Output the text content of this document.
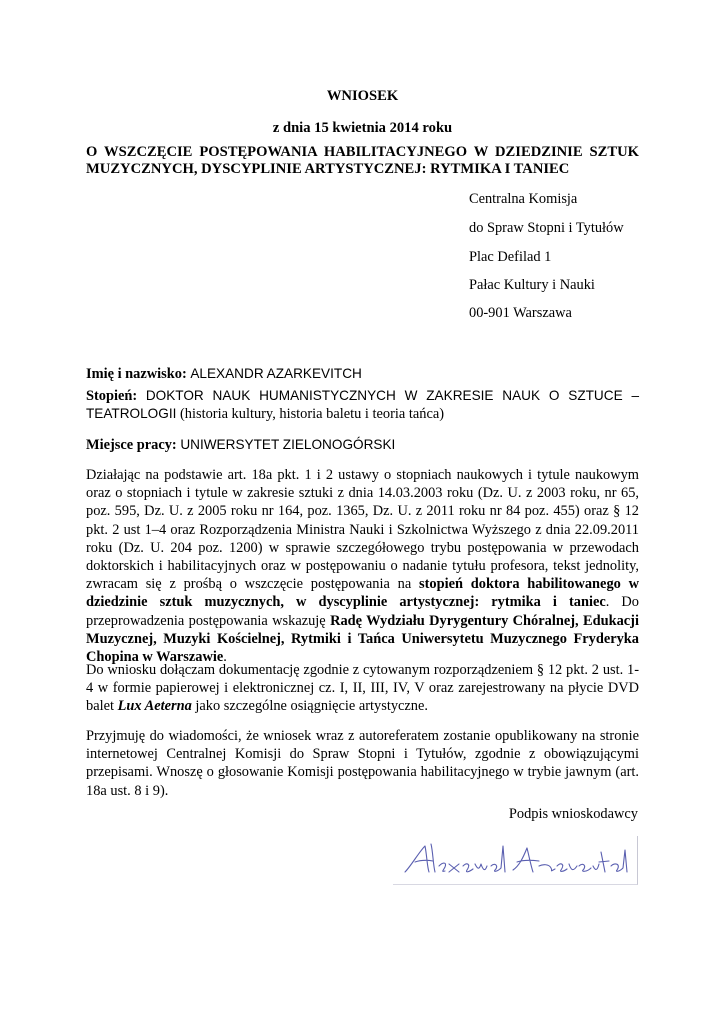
WNIOSEK
z dnia 15 kwietnia 2014 roku
O WSZCZĘCIE POSTĘPOWANIA HABILITACYJNEGO W DZIEDZINIE SZTUK MUZYCZNYCH, DYSCYPLINIE ARTYSTYCZNEJ: RYTMIKA I TANIEC
Centralna Komisja
do Spraw Stopni i Tytułów
Plac Defilad 1
Pałac Kultury i Nauki
00-901 Warszawa
Imię i nazwisko: ALEXANDR AZARKEVITCH
Stopień: DOKTOR NAUK HUMANISTYCZNYCH W ZAKRESIE NAUK O SZTUCE – TEATROLOGII (historia kultury, historia baletu i teoria tańca)
Miejsce pracy: UNIWERSYTET ZIELONOGÓRSKI
Działając na podstawie art. 18a pkt. 1 i 2 ustawy o stopniach naukowych i tytule naukowym oraz o stopniach i tytule w zakresie sztuki z dnia 14.03.2003 roku (Dz. U. z 2003 roku, nr 65, poz. 595, Dz. U. z 2005 roku nr 164, poz. 1365, Dz. U. z 2011 roku nr 84 poz. 455) oraz § 12 pkt. 2 ust 1–4 oraz Rozporządzenia Ministra Nauki i Szkolnictwa Wyższego z dnia 22.09.2011 roku (Dz. U. 204 poz. 1200) w sprawie szczegółowego trybu postępowania w przewodach doktorskich i habilitacyjnych oraz w postępowaniu o nadanie tytułu profesora, tekst jednolity, zwracam się z prośbą o wszczęcie postępowania na stopień doktora habilitowanego w dziedzinie sztuk muzycznych, w dyscyplinie artystycznej: rytmika i taniec. Do przeprowadzenia postępowania wskazuję Radę Wydziału Dyrygentury Chóralnej, Edukacji Muzycznej, Muzyki Kościelnej, Rytmiki i Tańca Uniwersytetu Muzycznego Fryderyka Chopina w Warszawie.
Do wniosku dołączam dokumentację zgodnie z cytowanym rozporządzeniem § 12 pkt. 2 ust. 1-4 w formie papierowej i elektronicznej cz. I, II, III, IV, V oraz zarejestrowany na płycie DVD balet Lux Aeterna jako szczególne osiągnięcie artystyczne.
Przyjmuję do wiadomości, że wniosek wraz z autoreferatem zostanie opublikowany na stronie internetowej Centralnej Komisji do Spraw Stopni i Tytułów, zgodnie z obowiązującymi przepisami. Wnoszę o głosowanie Komisji postępowania habilitacyjnego w trybie jawnym (art. 18a ust. 8 i 9).
Podpis wnioskodawcy
